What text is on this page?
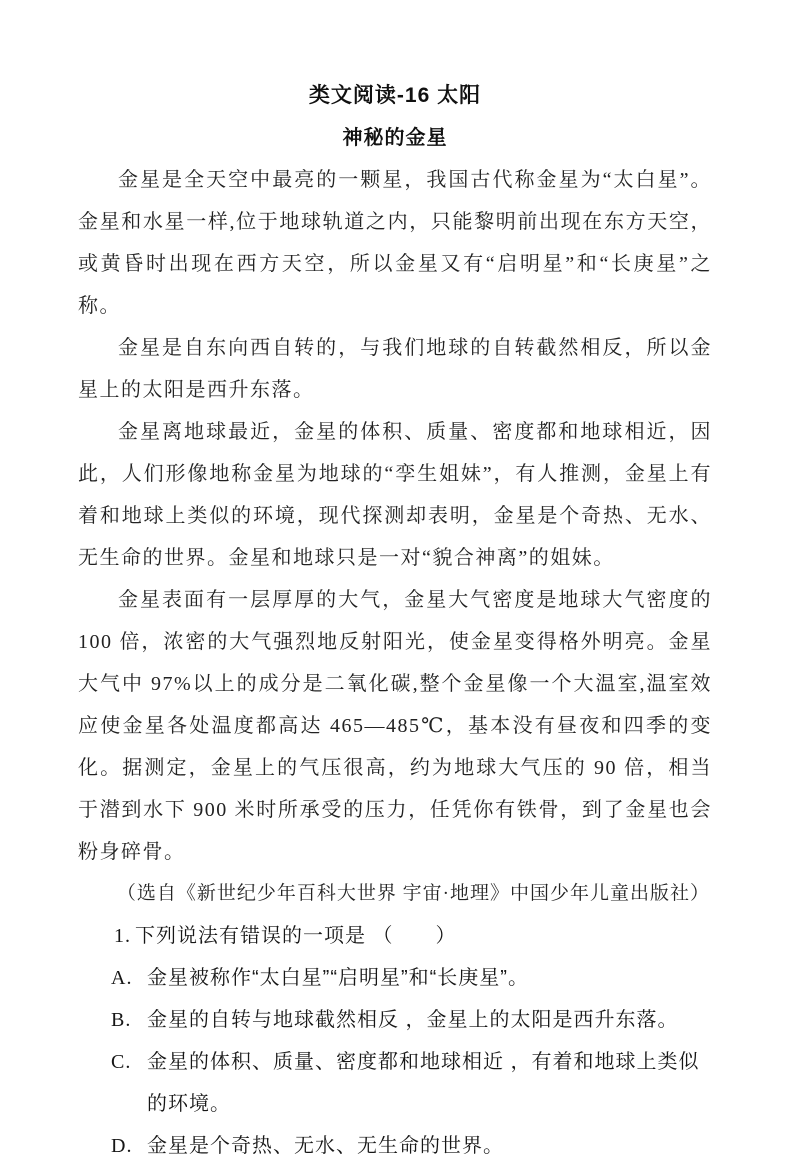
类文阅读-16 太阳
神秘的金星

金星是全天空中最亮的一颗星，我国古代称金星为“太白星”。金星和水星一样,位于地球轨道之内，只能黎明前出现在东方天空，或黄昏时出现在西方天空，所以金星又有“启明星”和“长庚星”之称。

金星是自东向西自转的，与我们地球的自转截然相反，所以金星上的太阳是西升东落。

金星离地球最近，金星的体积、质量、密度都和地球相近，因此，人们形像地称金星为地球的“孪生姐妹”，有人推测，金星上有着和地球上类似的环境，现代探测却表明，金星是个奇热、无水、无生命的世界。金星和地球只是一对“貌合神离”的姐妹。

金星表面有一层厚厚的大气，金星大气密度是地球大气密度的 100 倍，浓密的大气强烈地反射阳光，使金星变得格外明亮。金星大气中 97%以上的成分是二氧化碳,整个金星像一个大温室,温室效应使金星各处温度都高达 465—485℃，基本没有昼夜和四季的变化。据测定，金星上的气压很高，约为地球大气压的 90 倍，相当于潜到水下 900 米时所承受的压力，任凭你有铁骨，到了金星也会粉身碎骨。

（选自《新世纪少年百科大世界 宇宙·地理》中国少年儿童出版社）
1. 下列说法有错误的一项是 （　　）
A. 金星被称作“太白星”“启明星”和“长庚星”。
B. 金星的自转与地球截然相反 ，金星上的太阳是西升东落。
C. 金星的体积、质量、密度都和地球相近 ，有着和地球上类似的环境。
D. 金星是个奇热、无水、无生命的世界。
